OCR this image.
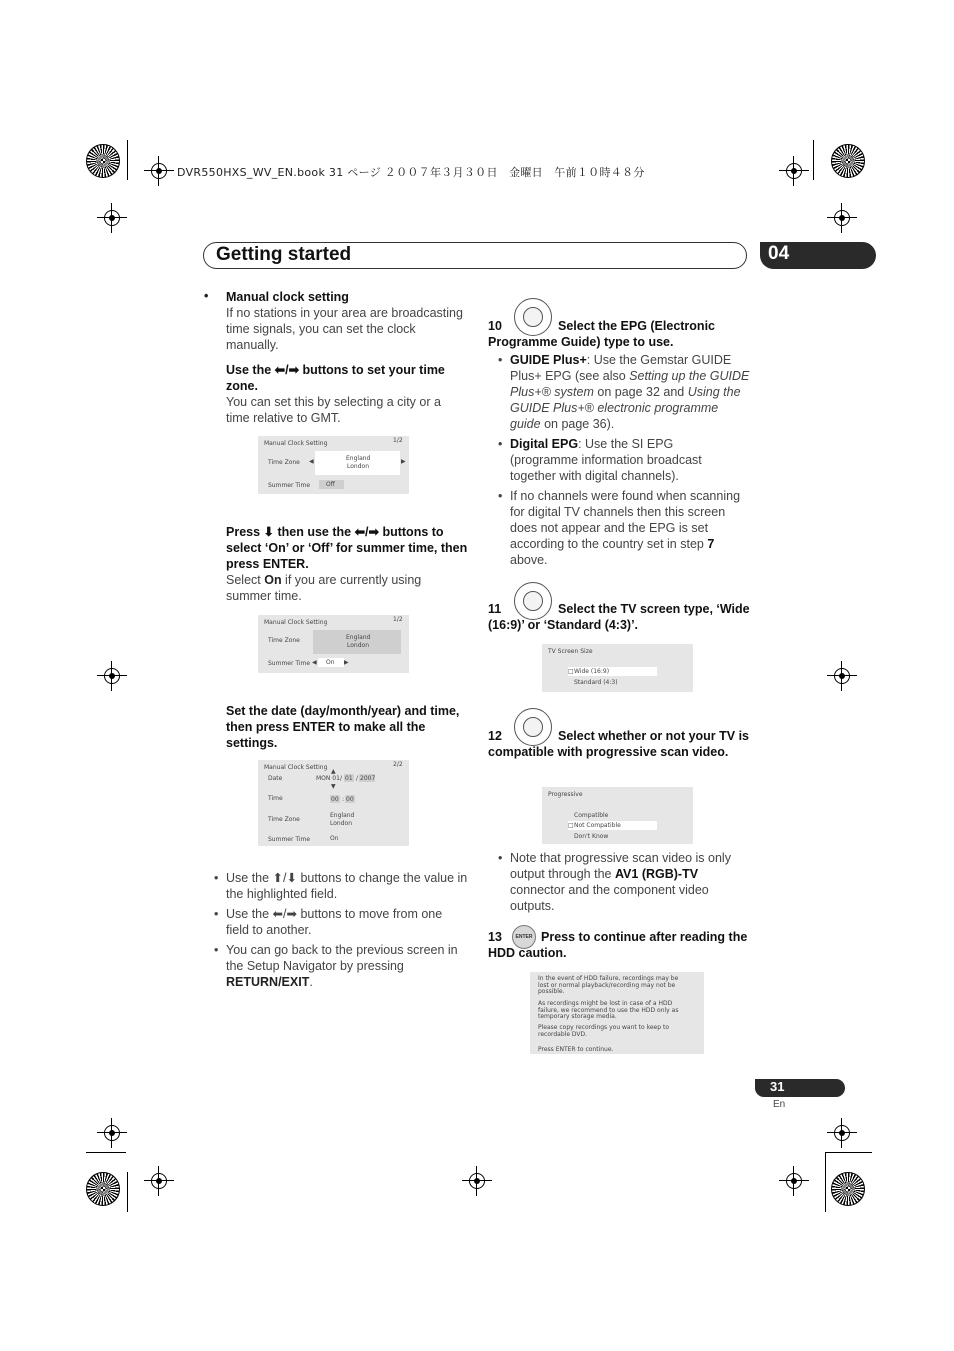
DVR550HXS_WV_EN.book 31 ページ ２００７年３月３０日　金曜日　午前１０時４８分
Getting started	04
• Manual clock setting
If no stations in your area are broadcasting time signals, you can set the clock manually.
Use the ⬅/➡ buttons to set your time zone.
You can set this by selecting a city or a time relative to GMT.
Manual Clock Setting	1/2
Time Zone ◀	England
London
▶
Summer Time	Off
Press ⬇ then use the ⬅/➡ buttons to select ‘On’ or ‘Off’ for summer time, then press ENTER.
Select On if you are currently using summer time.
Manual Clock Setting	1/2
Time Zone	England
London
Summer Time ◀ On ▶
Set the date (day/month/year) and time, then press ENTER to make all the settings.
Manual Clock Setting	2/2
▲
Date	MON 01 / 01 / 2007
▼
Time	00 : 00
Time Zone
England
London
Summer Time	On
• Use the ⬆/⬇ buttons to change the value in the highlighted field.
• Use the ⬅/➡ buttons to move from one field to another.
• You can go back to the previous screen in the Setup Navigator by pressing RETURN/EXIT.
10	Select the EPG (Electronic Programme Guide) type to use.
• GUIDE Plus+: Use the Gemstar GUIDE Plus+ EPG (see also Setting up the GUIDE Plus+® system on page 32 and Using the GUIDE Plus+® electronic programme guide on page 36).
• Digital EPG: Use the SI EPG (programme information broadcast together with digital channels).
• If no channels were found when scanning for digital TV channels then this screen does not appear and the EPG is set according to the country set in step 7 above.
11	Select the TV screen type, ‘Wide (16:9)’ or ‘Standard (4:3)’.
TV Screen Size
□ Wide (16:9)
Standard (4:3)
12	Select whether or not your TV is compatible with progressive scan video.
Progressive
Compatible
□ Not Compatible
Don't Know
• Note that progressive scan video is only output through the AV1 (RGB)-TV connector and the component video outputs.
ENTER
13	Press to continue after reading the HDD caution.
In the event of HDD failure, recordings may be lost or normal playback/recording may not be possible.
As recordings might be lost in case of a HDD failure, we recommend to use the HDD only as temporary storage media.
Please copy recordings you want to keep to recordable DVD.
Press ENTER to continue.
31
En
